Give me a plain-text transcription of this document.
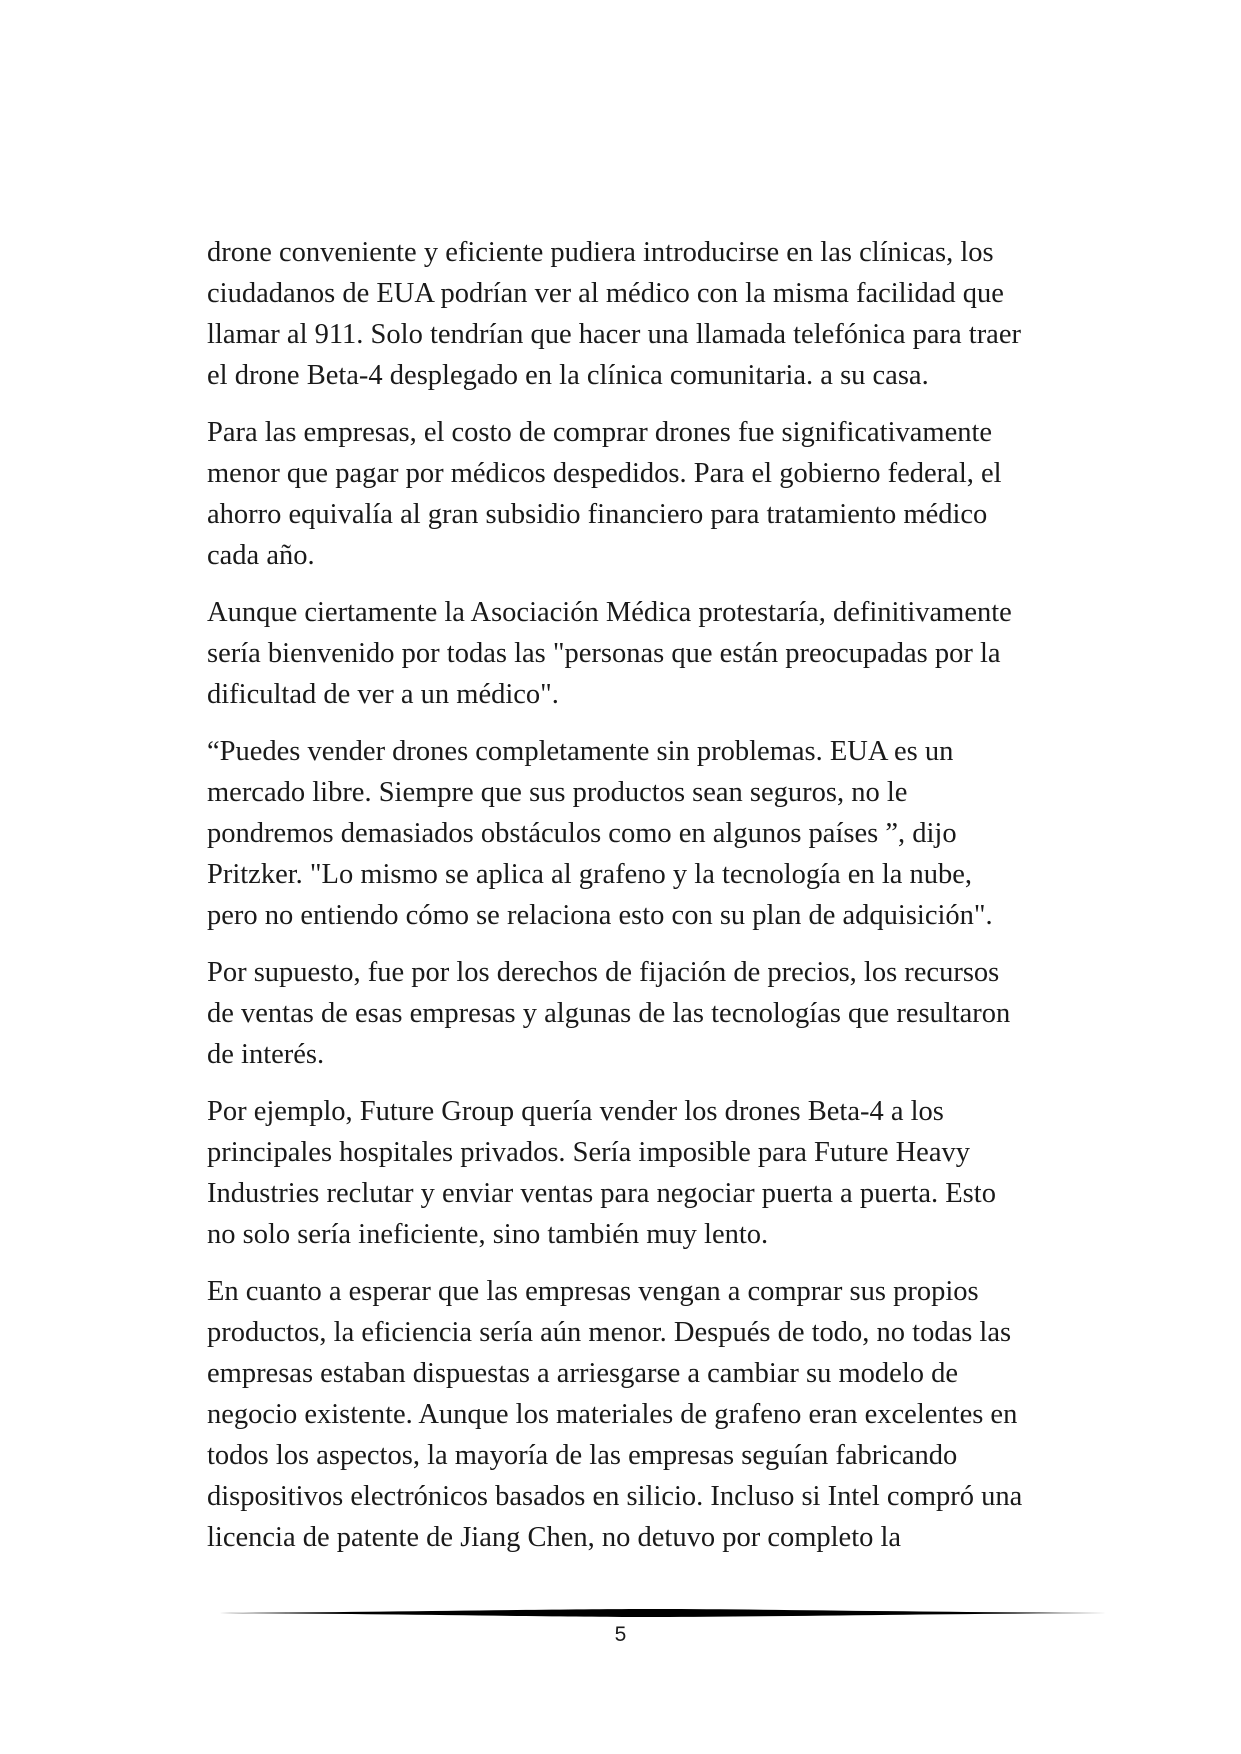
drone conveniente y eficiente pudiera introducirse en las clínicas, los
ciudadanos de EUA podrían ver al médico con la misma facilidad que
llamar al 911. Solo tendrían que hacer una llamada telefónica para traer
el drone Beta-4 desplegado en la clínica comunitaria. a su casa.

Para las empresas, el costo de comprar drones fue significativamente
menor que pagar por médicos despedidos. Para el gobierno federal, el
ahorro equivalía al gran subsidio financiero para tratamiento médico
cada año.

Aunque ciertamente la Asociación Médica protestaría, definitivamente
sería bienvenido por todas las "personas que están preocupadas por la
dificultad de ver a un médico".

“Puedes vender drones completamente sin problemas. EUA es un
mercado libre. Siempre que sus productos sean seguros, no le
pondremos demasiados obstáculos como en algunos países ”, dijo
Pritzker. "Lo mismo se aplica al grafeno y la tecnología en la nube,
pero no entiendo cómo se relaciona esto con su plan de adquisición".

Por supuesto, fue por los derechos de fijación de precios, los recursos
de ventas de esas empresas y algunas de las tecnologías que resultaron
de interés.

Por ejemplo, Future Group quería vender los drones Beta-4 a los
principales hospitales privados. Sería imposible para Future Heavy
Industries reclutar y enviar ventas para negociar puerta a puerta. Esto
no solo sería ineficiente, sino también muy lento.

En cuanto a esperar que las empresas vengan a comprar sus propios
productos, la eficiencia sería aún menor. Después de todo, no todas las
empresas estaban dispuestas a arriesgarse a cambiar su modelo de
negocio existente. Aunque los materiales de grafeno eran excelentes en
todos los aspectos, la mayoría de las empresas seguían fabricando
dispositivos electrónicos basados en silicio. Incluso si Intel compró una
licencia de patente de Jiang Chen, no detuvo por completo la

5
